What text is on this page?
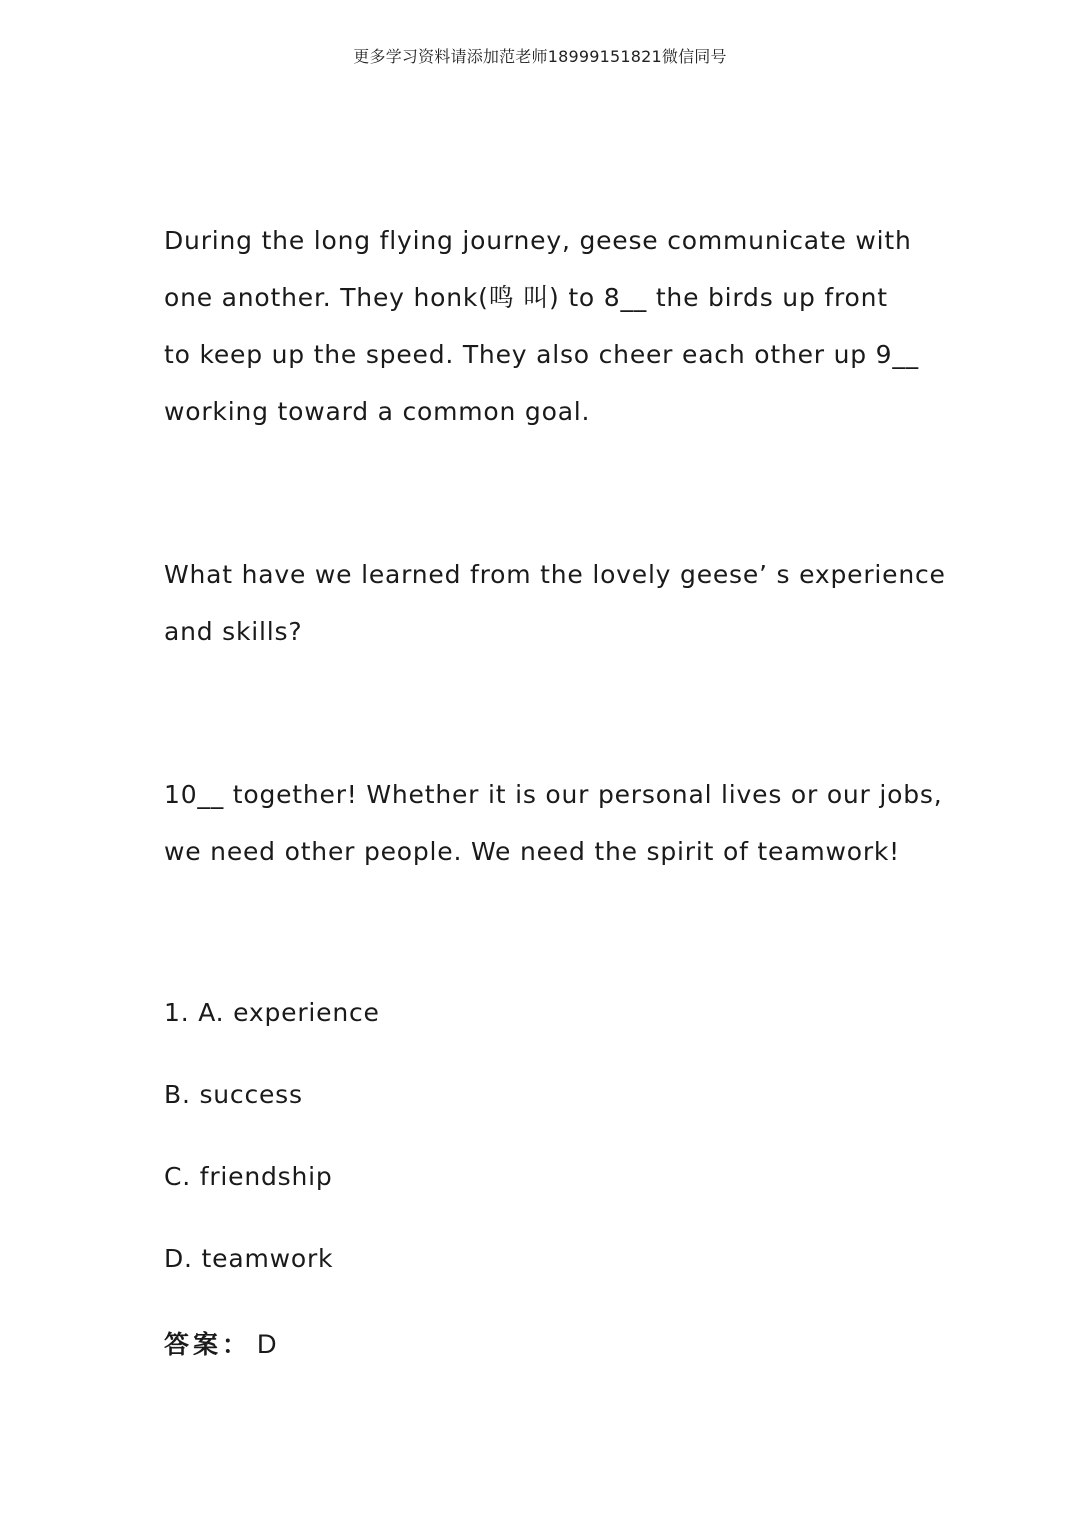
更多学习资料请添加范老师18999151821微信同号
During the long flying journey, geese communicate with
one another. They honk(鸣 叫) to 8__ the birds up front
to keep up the speed. They also cheer each other up 9__
working toward a common goal.
What have we learned from the lovely geese’ s experience
and skills?
10__ together! Whether it is our personal lives or our jobs,
we need other people. We need the spirit of teamwork!
1. A. experience
B. success
C. friendship
D. teamwork
答案： D
